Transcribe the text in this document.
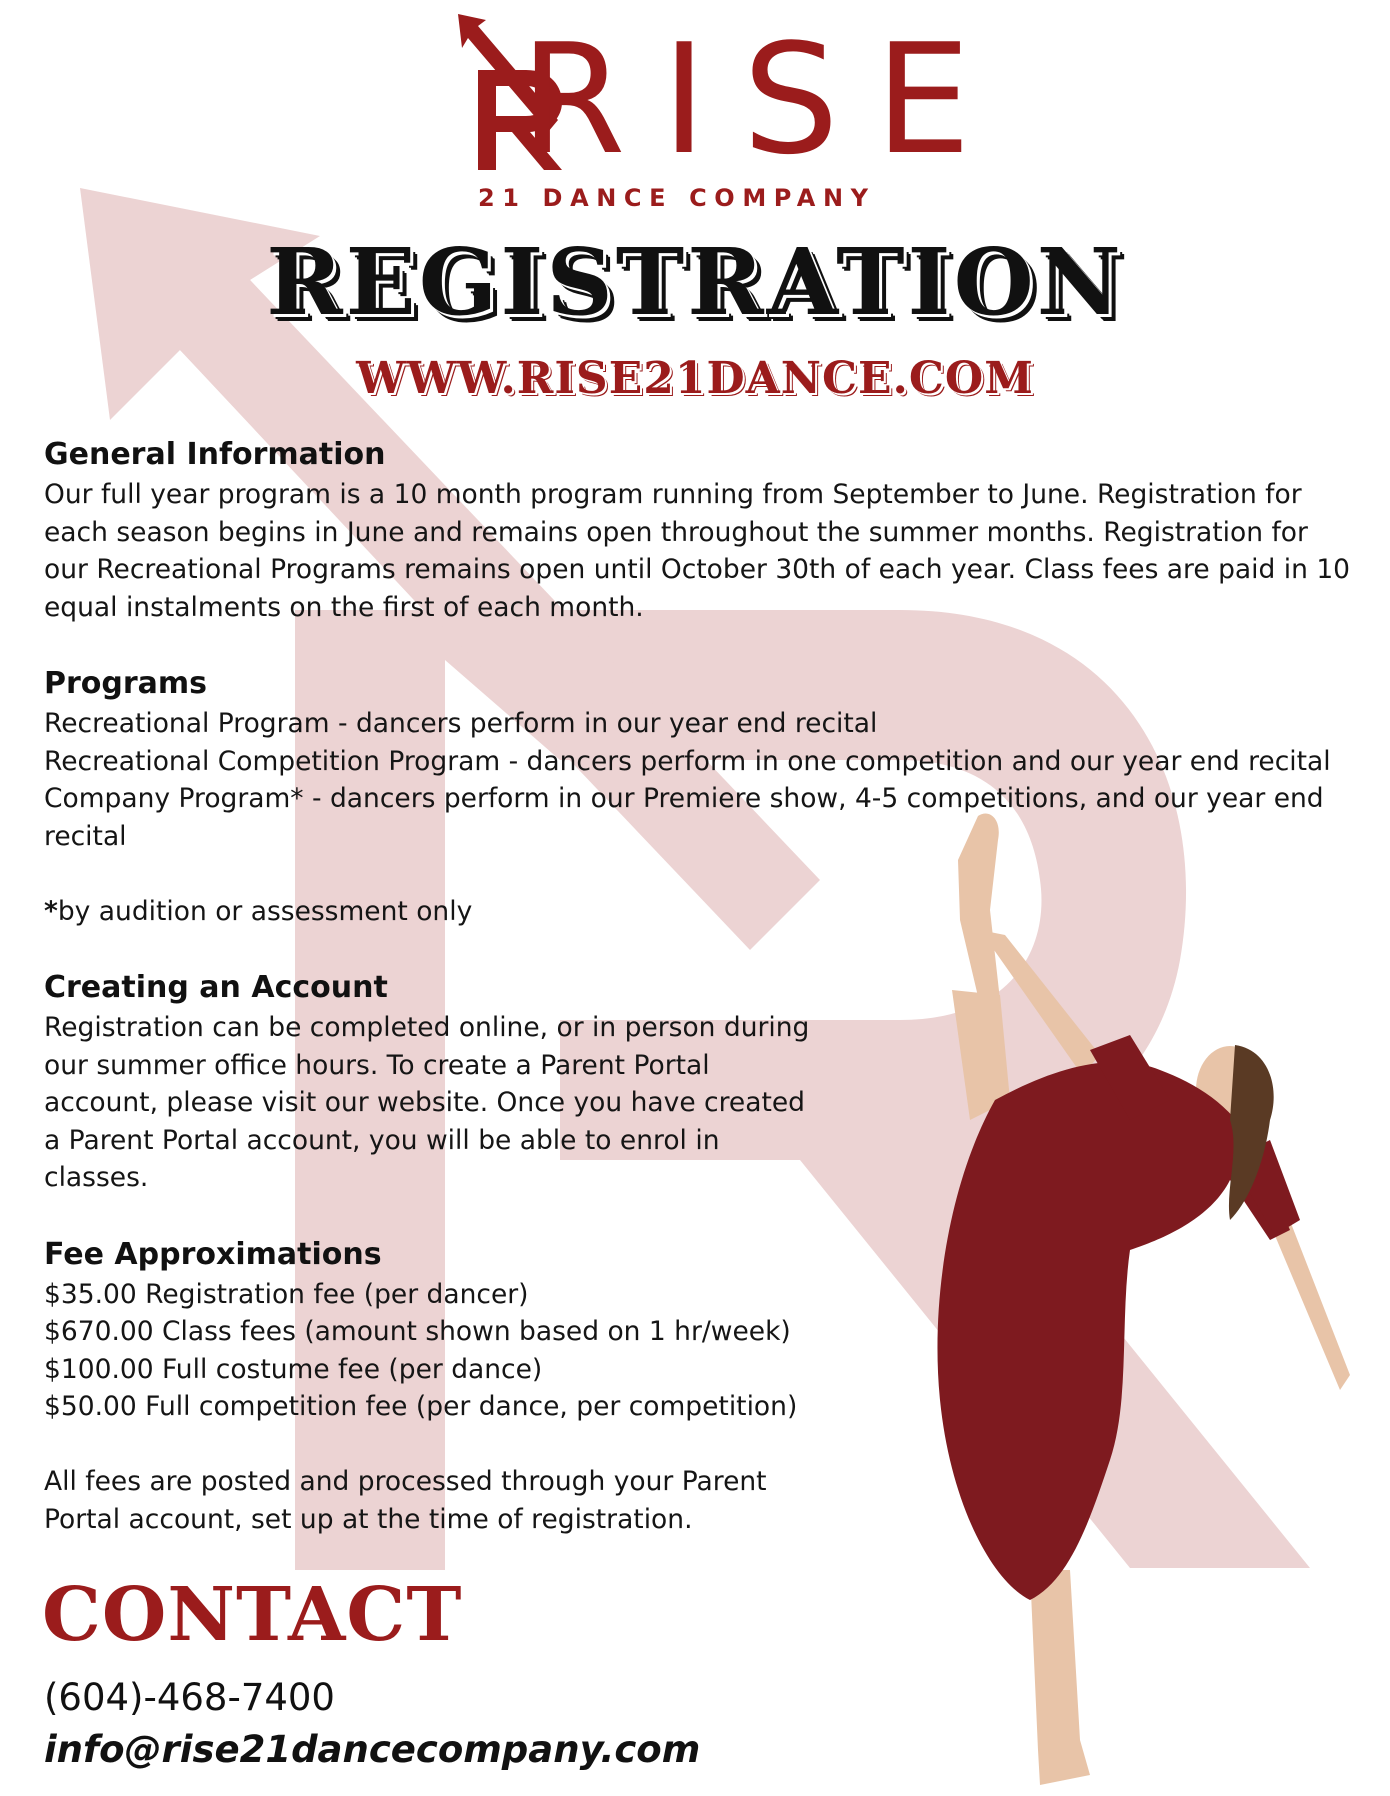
RISE
21 DANCE COMPANY
REGISTRATION
WWW.RISE21DANCE.COM
General Information

Our full year program is a 10 month program running from September to June. Registration for each season begins in June and remains open throughout the summer months. Registration for our Recreational Programs remains open until October 30th of each year. Class fees are paid in 10 equal instalments on the first of each month.

Programs

Recreational Program - dancers perform in our year end recital

Recreational Competition Program - dancers perform in one competition and our year end recital

Company Program* - dancers perform in our Premiere show, 4-5 competitions, and our year end recital

*by audition or assessment only

Creating an Account

Registration can be completed online, or in person during our summer office hours. To create a Parent Portal account, please visit our website. Once you have created a Parent Portal account, you will be able to enrol in classes.

Fee Approximations

$35.00 Registration fee (per dancer)

$670.00 Class fees (amount shown based on 1 hr/week)

$100.00 Full costume fee (per dance)

$50.00 Full competition fee (per dance, per competition)

All fees are posted and processed through your Parent Portal account, set up at the time of registration.

CONTACT
(604)-468-7400
info@rise21dancecompany.com
